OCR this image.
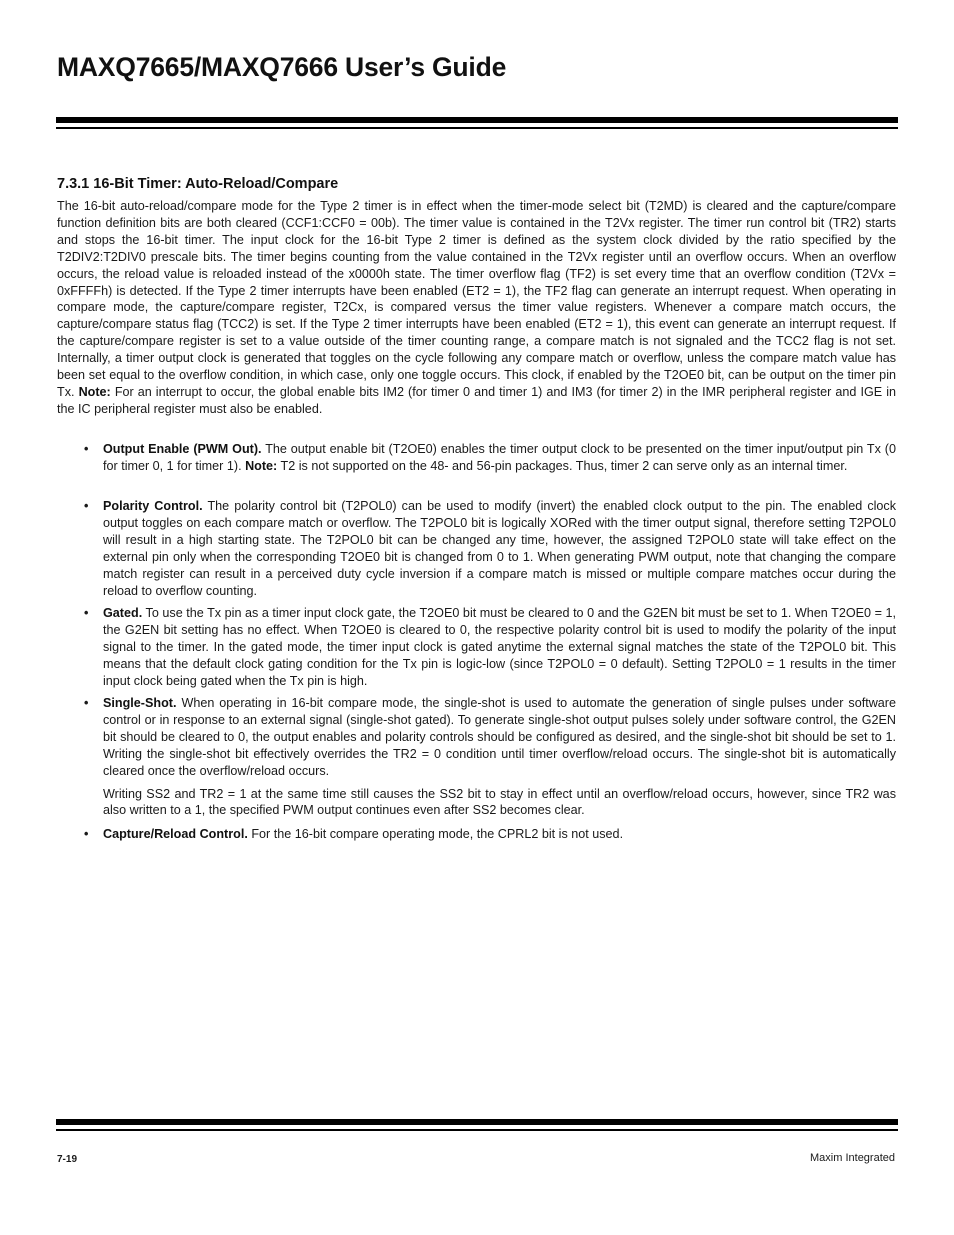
MAXQ7665/MAXQ7666 User’s Guide
7.3.1 16-Bit Timer: Auto-Reload/Compare

The 16-bit auto-reload/compare mode for the Type 2 timer is in effect when the timer-mode select bit (T2MD) is cleared and the capture/compare function definition bits are both cleared (CCF1:CCF0 = 00b). The timer value is contained in the T2Vx register. The timer run control bit (TR2) starts and stops the 16-bit timer. The input clock for the 16-bit Type 2 timer is defined as the system clock divided by the ratio specified by the T2DIV2:T2DIV0 prescale bits. The timer begins counting from the value contained in the T2Vx register until an overflow occurs. When an overflow occurs, the reload value is reloaded instead of the x0000h state. The timer overflow flag (TF2) is set every time that an overflow condition (T2Vx = 0xFFFFh) is detected. If the Type 2 timer interrupts have been enabled (ET2 = 1), the TF2 flag can generate an interrupt request. When operating in compare mode, the capture/compare register, T2Cx, is compared versus the timer value registers. Whenever a compare match occurs, the capture/compare status flag (TCC2) is set. If the Type 2 timer interrupts have been enabled (ET2 = 1), this event can generate an interrupt request. If the capture/compare register is set to a value outside of the timer counting range, a compare match is not signaled and the TCC2 flag is not set. Internally, a timer output clock is generated that toggles on the cycle following any compare match or overflow, unless the compare match value has been set equal to the overflow condition, in which case, only one toggle occurs. This clock, if enabled by the T2OE0 bit, can be output on the timer pin Tx. Note: For an interrupt to occur, the global enable bits IM2 (for timer 0 and timer 1) and IM3 (for timer 2) in the IMR peripheral register and IGE in the IC peripheral register must also be enabled.

• Output Enable (PWM Out). The output enable bit (T2OE0) enables the timer output clock to be presented on the timer input/output pin Tx (0 for timer 0, 1 for timer 1). Note: T2 is not supported on the 48- and 56-pin packages. Thus, timer 2 can serve only as an internal timer.

• Polarity Control. The polarity control bit (T2POL0) can be used to modify (invert) the enabled clock output to the pin. The enabled clock output toggles on each compare match or overflow. The T2POL0 bit is logically XORed with the timer output signal, therefore setting T2POL0 will result in a high starting state. The T2POL0 bit can be changed any time, however, the assigned T2POL0 state will take effect on the external pin only when the corresponding T2OE0 bit is changed from 0 to 1. When generating PWM output, note that changing the compare match register can result in a perceived duty cycle inversion if a compare match is missed or multiple compare matches occur during the reload to overflow counting.

• Gated. To use the Tx pin as a timer input clock gate, the T2OE0 bit must be cleared to 0 and the G2EN bit must be set to 1. When T2OE0 = 1, the G2EN bit setting has no effect. When T2OE0 is cleared to 0, the respective polarity control bit is used to modify the polarity of the input signal to the timer. In the gated mode, the timer input clock is gated anytime the external signal matches the state of the T2POL0 bit. This means that the default clock gating condition for the Tx pin is logic-low (since T2POL0 = 0 default). Setting T2POL0 = 1 results in the timer input clock being gated when the Tx pin is high.

• Single-Shot. When operating in 16-bit compare mode, the single-shot is used to automate the generation of single pulses under software control or in response to an external signal (single-shot gated). To generate single-shot output pulses solely under software control, the G2EN bit should be cleared to 0, the output enables and polarity controls should be configured as desired, and the single-shot bit should be set to 1. Writing the single-shot bit effectively overrides the TR2 = 0 condition until timer overflow/reload occurs. The single-shot bit is automatically cleared once the overflow/reload occurs.

Writing SS2 and TR2 = 1 at the same time still causes the SS2 bit to stay in effect until an overflow/reload occurs, however, since TR2 was also written to a 1, the specified PWM output continues even after SS2 becomes clear.

• Capture/Reload Control. For the 16-bit compare operating mode, the CPRL2 bit is not used.

7-19	Maxim Integrated
